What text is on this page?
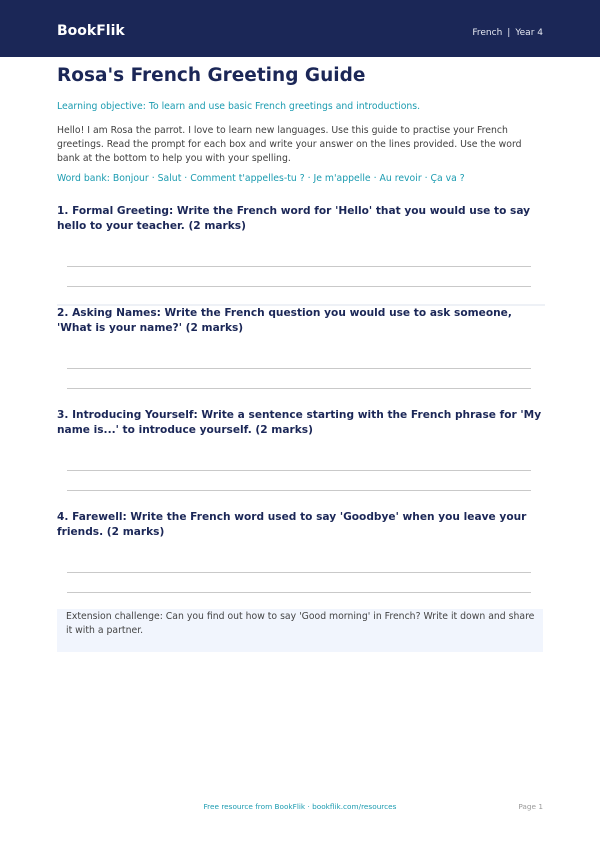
BookFlik	French | Year 4
Rosa's French Greeting Guide
Learning objective: To learn and use basic French greetings and introductions.
Hello! I am Rosa the parrot. I love to learn new languages. Use this guide to practise your French greetings. Read the prompt for each box and write your answer on the lines provided. Use the word bank at the bottom to help you with your spelling.
Word bank: Bonjour · Salut · Comment t'appelles-tu ? · Je m'appelle · Au revoir · Ça va ?
1. Formal Greeting: Write the French word for 'Hello' that you would use to say hello to your teacher. (2 marks)
2. Asking Names: Write the French question you would use to ask someone, 'What is your name?' (2 marks)
3. Introducing Yourself: Write a sentence starting with the French phrase for 'My name is...' to introduce yourself. (2 marks)
4. Farewell: Write the French word used to say 'Goodbye' when you leave your friends. (2 marks)
Extension challenge: Can you find out how to say 'Good morning' in French? Write it down and share it with a partner.
Free resource from BookFlik · bookflik.com/resources	Page 1
